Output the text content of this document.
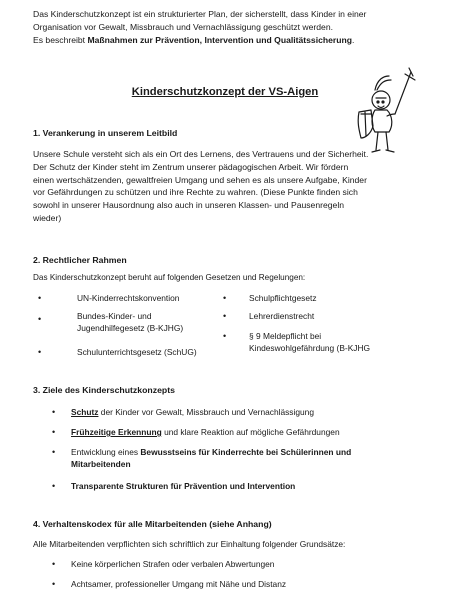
Das Kinderschutzkonzept ist ein strukturierter Plan, der sicherstellt, dass Kinder in einer
Organisation vor Gewalt, Missbrauch und Vernachlässigung geschützt werden.
Es beschreibt Maßnahmen zur Prävention, Intervention und Qualitätssicherung.

Kinderschutzkonzept der VS-Aigen

1. Verankerung in unserem Leitbild

Unsere Schule versteht sich als ein Ort des Lernens, des Vertrauens und der Sicherheit.
Der Schutz der Kinder steht im Zentrum unserer pädagogischen Arbeit. Wir fördern
einen wertschätzenden, gewaltfreien Umgang und sehen es als unsere Aufgabe, Kinder
vor Gefährdungen zu schützen und ihre Rechte zu wahren. (Diese Punkte finden sich
sowohl in unserer Hausordnung also auch in unseren Klassen- und Pausenregeln
wieder)

2. Rechtlicher Rahmen

Das Kinderschutzkonzept beruht auf folgenden Gesetzen und Regelungen:

•	UN-Kinderrechtskonvention

•	Bundes-Kinder- und
Jugendhilfegesetz (B-KJHG)

•	Schulunterrichtsgesetz (SchUG)

•	Schulpflichtgesetz

•	Lehrerdienstrecht

•	§ 9 Meldepflicht bei
Kindeswohlgefährdung (B-KJHG

3. Ziele des Kinderschutzkonzepts

• Schutz der Kinder vor Gewalt, Missbrauch und Vernachlässigung

• Frühzeitige Erkennung und klare Reaktion auf mögliche Gefährdungen

• Entwicklung eines Bewusstseins für Kinderrechte bei Schülerinnen und
Mitarbeitenden

• Transparente Strukturen für Prävention und Intervention

4. Verhaltenskodex für alle Mitarbeitenden (siehe Anhang)

Alle Mitarbeitenden verpflichten sich schriftlich zur Einhaltung folgender Grundsätze:

• Keine körperlichen Strafen oder verbalen Abwertungen

• Achtsamer, professioneller Umgang mit Nähe und Distanz
